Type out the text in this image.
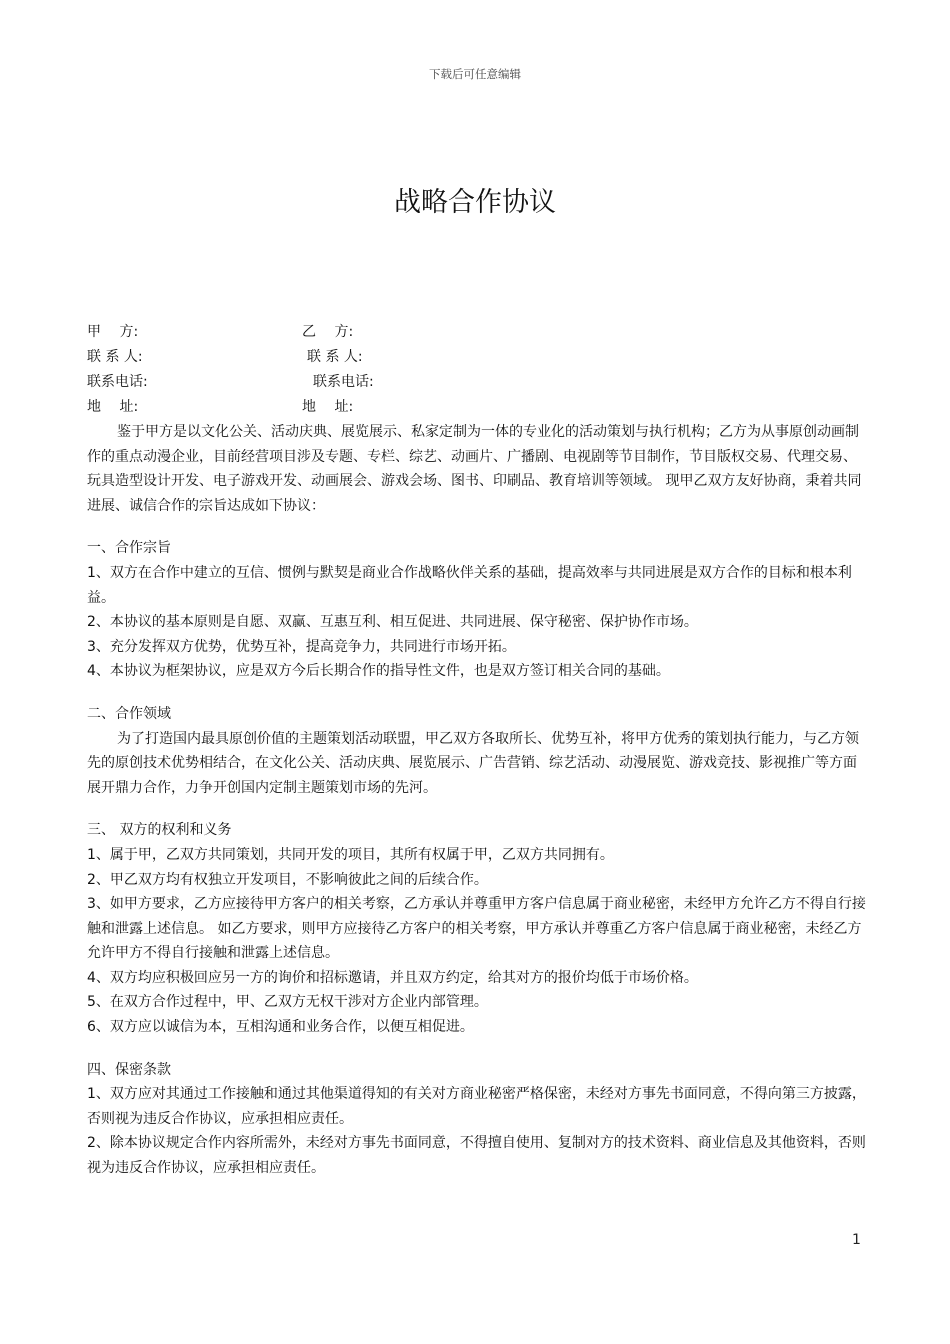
下载后可任意编辑
战略合作协议
甲　 方:	乙　 方:
联 系 人:	联 系 人:
联系电话:	联系电话:
地　 址:	地　 址:

鉴于甲方是以文化公关、活动庆典、展览展示、私家定制为一体的专业化的活动策划与执行机构；乙方为从事原创动画制作的重点动漫企业，目前经营项目涉及专题、专栏、综艺、动画片、广播剧、电视剧等节目制作，节目版权交易、代理交易、玩具造型设计开发、电子游戏开发、动画展会、游戏会场、图书、印刷品、教育培训等领域。 现甲乙双方友好协商，秉着共同进展、诚信合作的宗旨达成如下协议：

一、合作宗旨

1、双方在合作中建立的互信、惯例与默契是商业合作战略伙伴关系的基础，提高效率与共同进展是双方合作的目标和根本利益。

2、本协议的基本原则是自愿、双赢、互惠互利、相互促进、共同进展、保守秘密、保护协作市场。

3、充分发挥双方优势，优势互补，提高竞争力，共同进行市场开拓。

4、本协议为框架协议，应是双方今后长期合作的指导性文件，也是双方签订相关合同的基础。

二、合作领域

为了打造国内最具原创价值的主题策划活动联盟，甲乙双方各取所长、优势互补，将甲方优秀的策划执行能力，与乙方领先的原创技术优势相结合，在文化公关、活动庆典、展览展示、广告营销、综艺活动、动漫展览、游戏竞技、影视推广等方面展开鼎力合作，力争开创国内定制主题策划市场的先河。

三、 双方的权利和义务

1、属于甲，乙双方共同策划，共同开发的项目，其所有权属于甲，乙双方共同拥有。

2、甲乙双方均有权独立开发项目，不影响彼此之间的后续合作。

3、如甲方要求，乙方应接待甲方客户的相关考察，乙方承认并尊重甲方客户信息属于商业秘密，未经甲方允许乙方不得自行接触和泄露上述信息。 如乙方要求，则甲方应接待乙方客户的相关考察，甲方承认并尊重乙方客户信息属于商业秘密，未经乙方允许甲方不得自行接触和泄露上述信息。

4、双方均应积极回应另一方的询价和招标邀请，并且双方约定，给其对方的报价均低于市场价格。

5、在双方合作过程中，甲、乙双方无权干涉对方企业内部管理。

6、双方应以诚信为本，互相沟通和业务合作，以便互相促进。

四、保密条款

1、双方应对其通过工作接触和通过其他渠道得知的有关对方商业秘密严格保密，未经对方事先书面同意，不得向第三方披露，否则视为违反合作协议，应承担相应责任。

2、除本协议规定合作内容所需外，未经对方事先书面同意，不得擅自使用、复制对方的技术资料、商业信息及其他资料，否则视为违反合作协议，应承担相应责任。

1
